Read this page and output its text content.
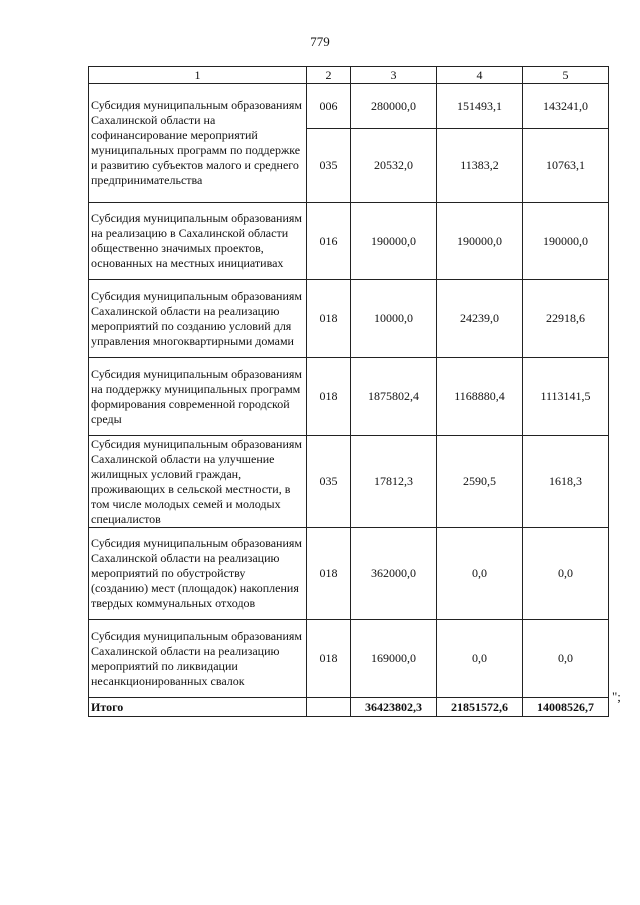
779
1	2	3	4	5
Субсидия муниципальным образованиям Сахалинской области на софинансирование мероприятий муниципальных программ по поддержке и развитию субъектов малого и среднего предпринимательства	006	280000,0	151493,1	143241,0
	035	20532,0	11383,2	10763,1
Субсидия муниципальным образованиям на реализацию в Сахалинской области общественно значимых проектов, основанных на местных инициативах	016	190000,0	190000,0	190000,0
Субсидия муниципальным образованиям Сахалинской области на реализацию мероприятий по созданию условий для управления многоквартирными домами	018	10000,0	24239,0	22918,6
Субсидия муниципальным образованиям на поддержку муниципальных программ формирования современной городской среды	018	1875802,4	1168880,4	1113141,5
Субсидия муниципальным образованиям Сахалинской области на улучшение жилищных условий граждан, проживающих в сельской местности, в том числе молодых семей и молодых специалистов	035	17812,3	2590,5	1618,3
Субсидия муниципальным образованиям Сахалинской области на реализацию мероприятий по обустройству (созданию) мест (площадок) накопления твердых коммунальных отходов	018	362000,0	0,0	0,0
Субсидия муниципальным образованиям Сахалинской области на реализацию мероприятий по ликвидации несанкционированных свалок	018	169000,0	0,0	0,0
Итого		36423802,3	21851572,6	14008526,7
";
